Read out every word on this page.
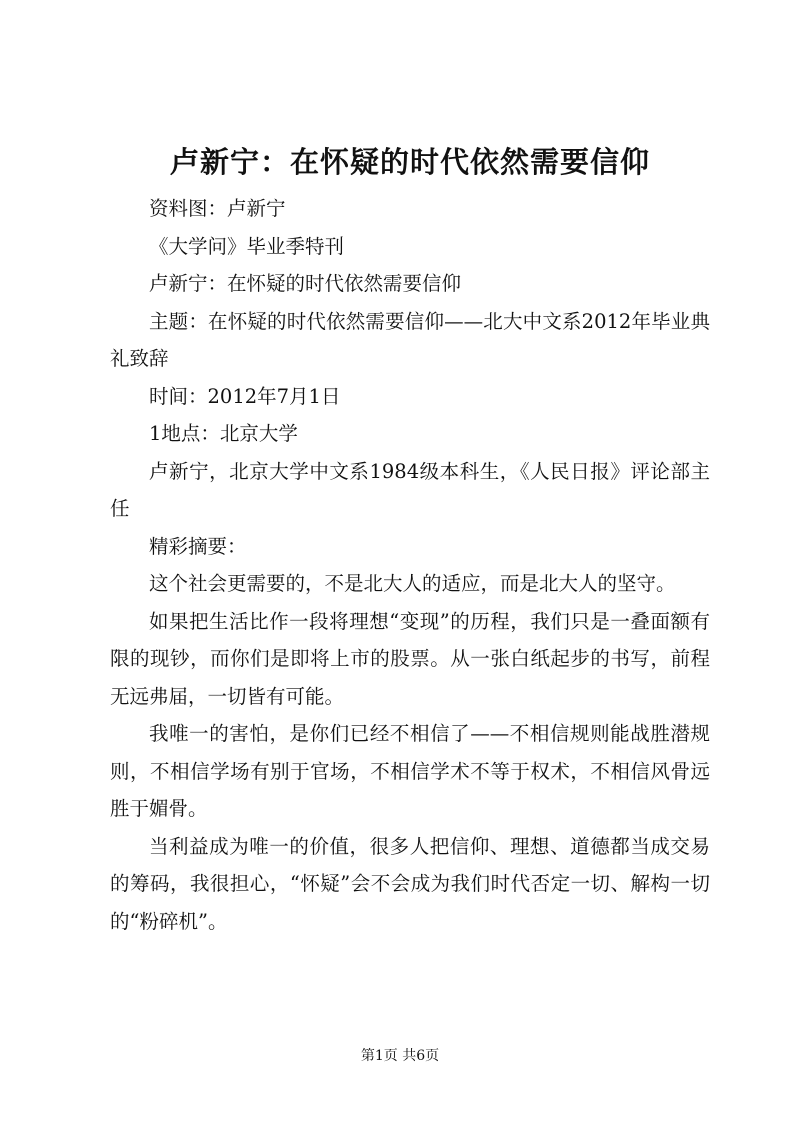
卢新宁：在怀疑的时代依然需要信仰

资料图：卢新宁

《大学问》毕业季特刊

卢新宁：在怀疑的时代依然需要信仰

主题：在怀疑的时代依然需要信仰——北大中文系2012年毕业典礼致辞

时间：2012年7月1日

1地点：北京大学

卢新宁，北京大学中文系1984级本科生，《人民日报》评论部主任

精彩摘要：

这个社会更需要的，不是北大人的适应，而是北大人的坚守。

如果把生活比作一段将理想“变现”的历程，我们只是一叠面额有限的现钞，而你们是即将上市的股票。从一张白纸起步的书写，前程无远弗届，一切皆有可能。

我唯一的害怕，是你们已经不相信了——不相信规则能战胜潜规则，不相信学场有别于官场，不相信学术不等于权术，不相信风骨远胜于媚骨。

当利益成为唯一的价值，很多人把信仰、理想、道德都当成交易的筹码，我很担心，“怀疑”会不会成为我们时代否定一切、解构一切的“粉碎机”。

第1页 共6页
